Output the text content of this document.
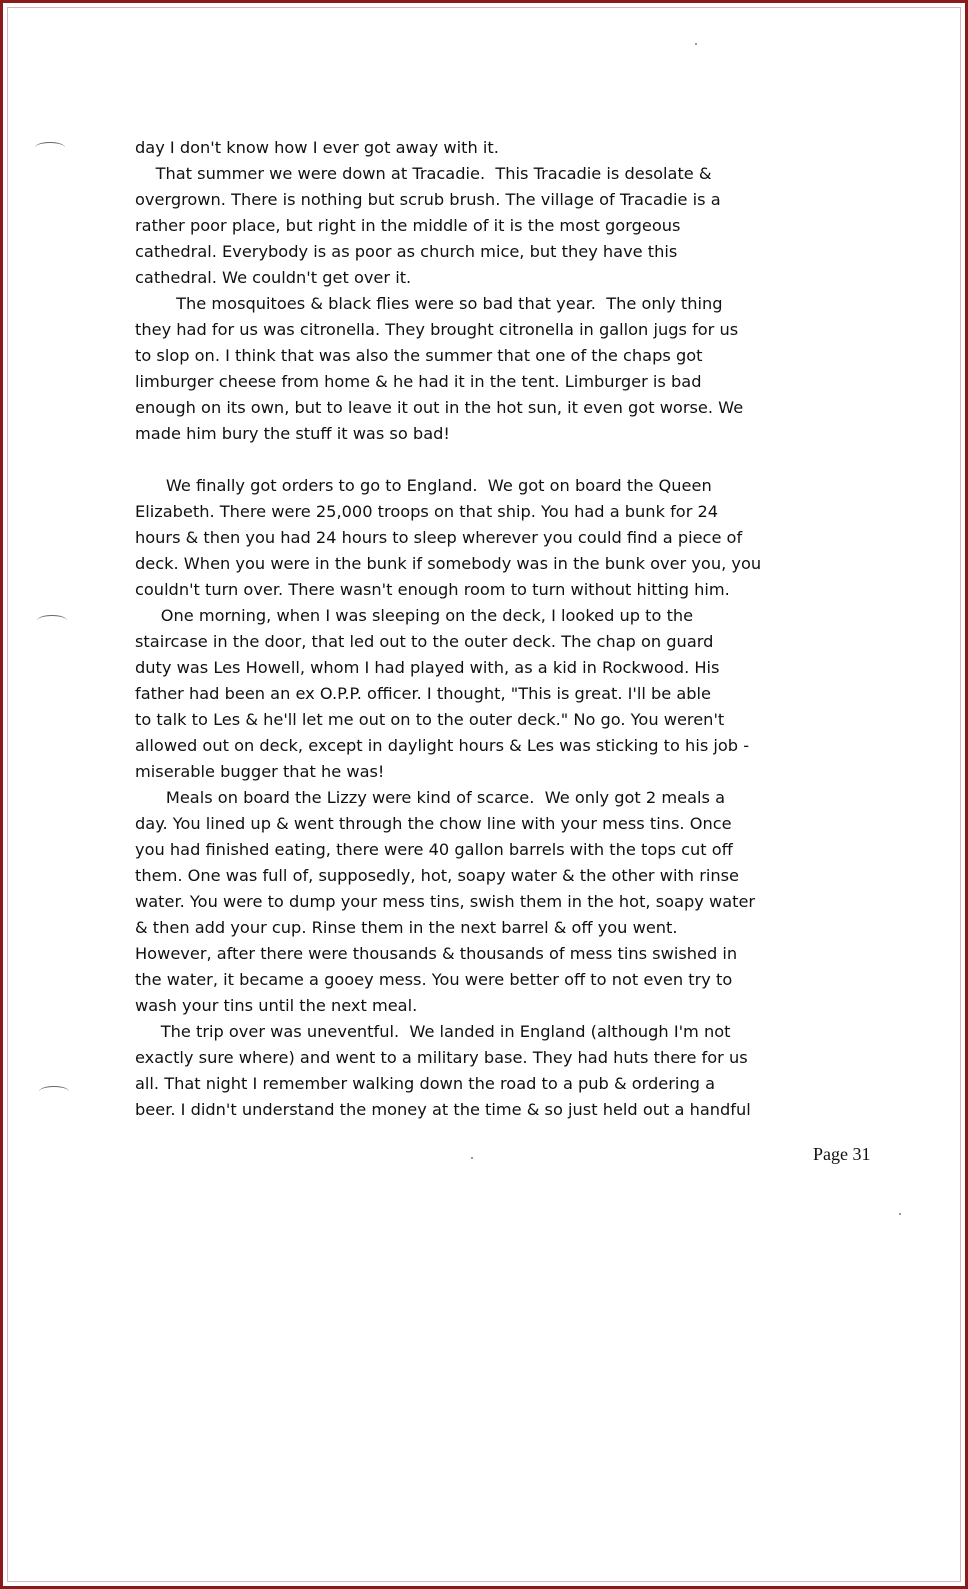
day I don't know how I ever got away with it.
That summer we were down at Tracadie.  This Tracadie is desolate &
overgrown. There is nothing but scrub brush. The village of Tracadie is a
rather poor place, but right in the middle of it is the most gorgeous
cathedral. Everybody is as poor as church mice, but they have this
cathedral. We couldn't get over it.
The mosquitoes & black flies were so bad that year.  The only thing
they had for us was citronella. They brought citronella in gallon jugs for us
to slop on. I think that was also the summer that one of the chaps got
limburger cheese from home & he had it in the tent. Limburger is bad
enough on its own, but to leave it out in the hot sun, it even got worse. We
made him bury the stuff it was so bad!
We finally got orders to go to England.  We got on board the Queen
Elizabeth. There were 25,000 troops on that ship. You had a bunk for 24
hours & then you had 24 hours to sleep wherever you could find a piece of
deck. When you were in the bunk if somebody was in the bunk over you, you
couldn't turn over. There wasn't enough room to turn without hitting him.
One morning, when I was sleeping on the deck, I looked up to the
staircase in the door, that led out to the outer deck. The chap on guard
duty was Les Howell, whom I had played with, as a kid in Rockwood. His
father had been an ex O.P.P. officer. I thought, "This is great. I'll be able
to talk to Les & he'll let me out on to the outer deck." No go. You weren't
allowed out on deck, except in daylight hours & Les was sticking to his job -
miserable bugger that he was!
Meals on board the Lizzy were kind of scarce.  We only got 2 meals a
day. You lined up & went through the chow line with your mess tins. Once
you had finished eating, there were 40 gallon barrels with the tops cut off
them. One was full of, supposedly, hot, soapy water & the other with rinse
water. You were to dump your mess tins, swish them in the hot, soapy water
& then add your cup. Rinse them in the next barrel & off you went.
However, after there were thousands & thousands of mess tins swished in
the water, it became a gooey mess. You were better off to not even try to
wash your tins until the next meal.
The trip over was uneventful.  We landed in England (although I'm not
exactly sure where) and went to a military base. They had huts there for us
all. That night I remember walking down the road to a pub & ordering a
beer. I didn't understand the money at the time & so just held out a handful
Page 31
